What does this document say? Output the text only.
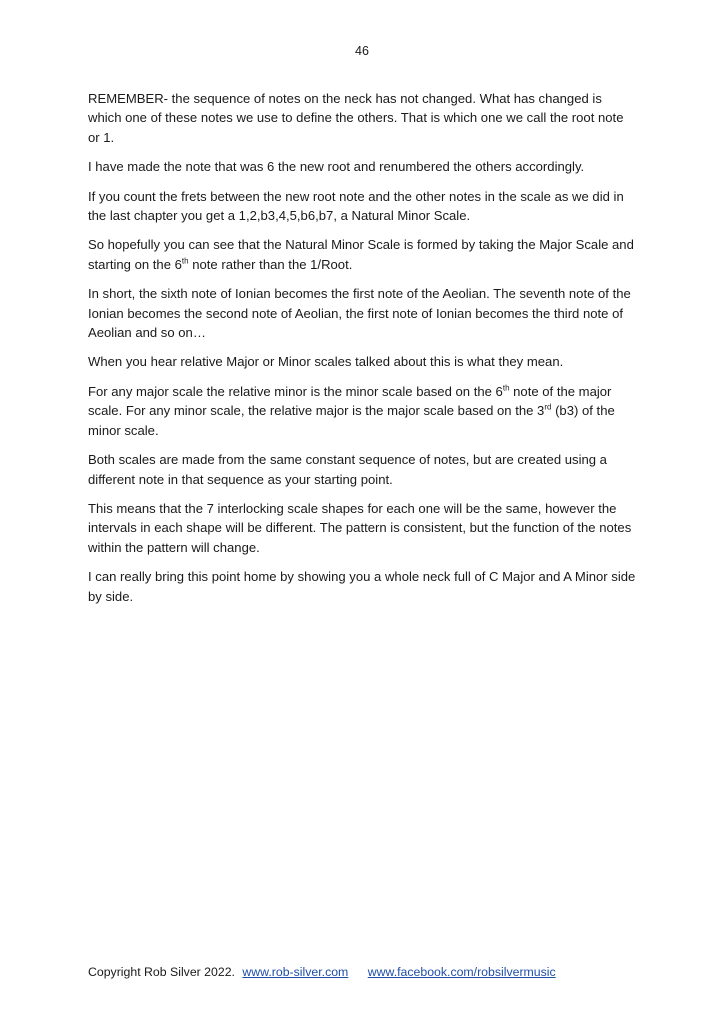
46

REMEMBER- the sequence of notes on the neck has not changed. What has changed is which one of these notes we use to define the others. That is which one we call the root note or 1.

I have made the note that was 6 the new root and renumbered the others accordingly.

If you count the frets between the new root note and the other notes in the scale as we did in the last chapter you get a 1,2,b3,4,5,b6,b7, a Natural Minor Scale.

So hopefully you can see that the Natural Minor Scale is formed by taking the Major Scale and starting on the 6th note rather than the 1/Root.

In short, the sixth note of Ionian becomes the first note of the Aeolian. The seventh note of the Ionian becomes the second note of Aeolian, the first note of Ionian becomes the third note of Aeolian and so on…

When you hear relative Major or Minor scales talked about this is what they mean.

For any major scale the relative minor is the minor scale based on the 6th note of the major scale. For any minor scale, the relative major is the major scale based on the 3rd (b3) of the minor scale.

Both scales are made from the same constant sequence of notes, but are created using a different note in that sequence as your starting point.

This means that the 7 interlocking scale shapes for each one will be the same, however the intervals in each shape will be different. The pattern is consistent, but the function of the notes within the pattern will change.

I can really bring this point home by showing you a whole neck full of C Major and A Minor side by side.

Copyright Rob Silver 2022. www.rob-silver.com www.facebook.com/robsilvermusic
